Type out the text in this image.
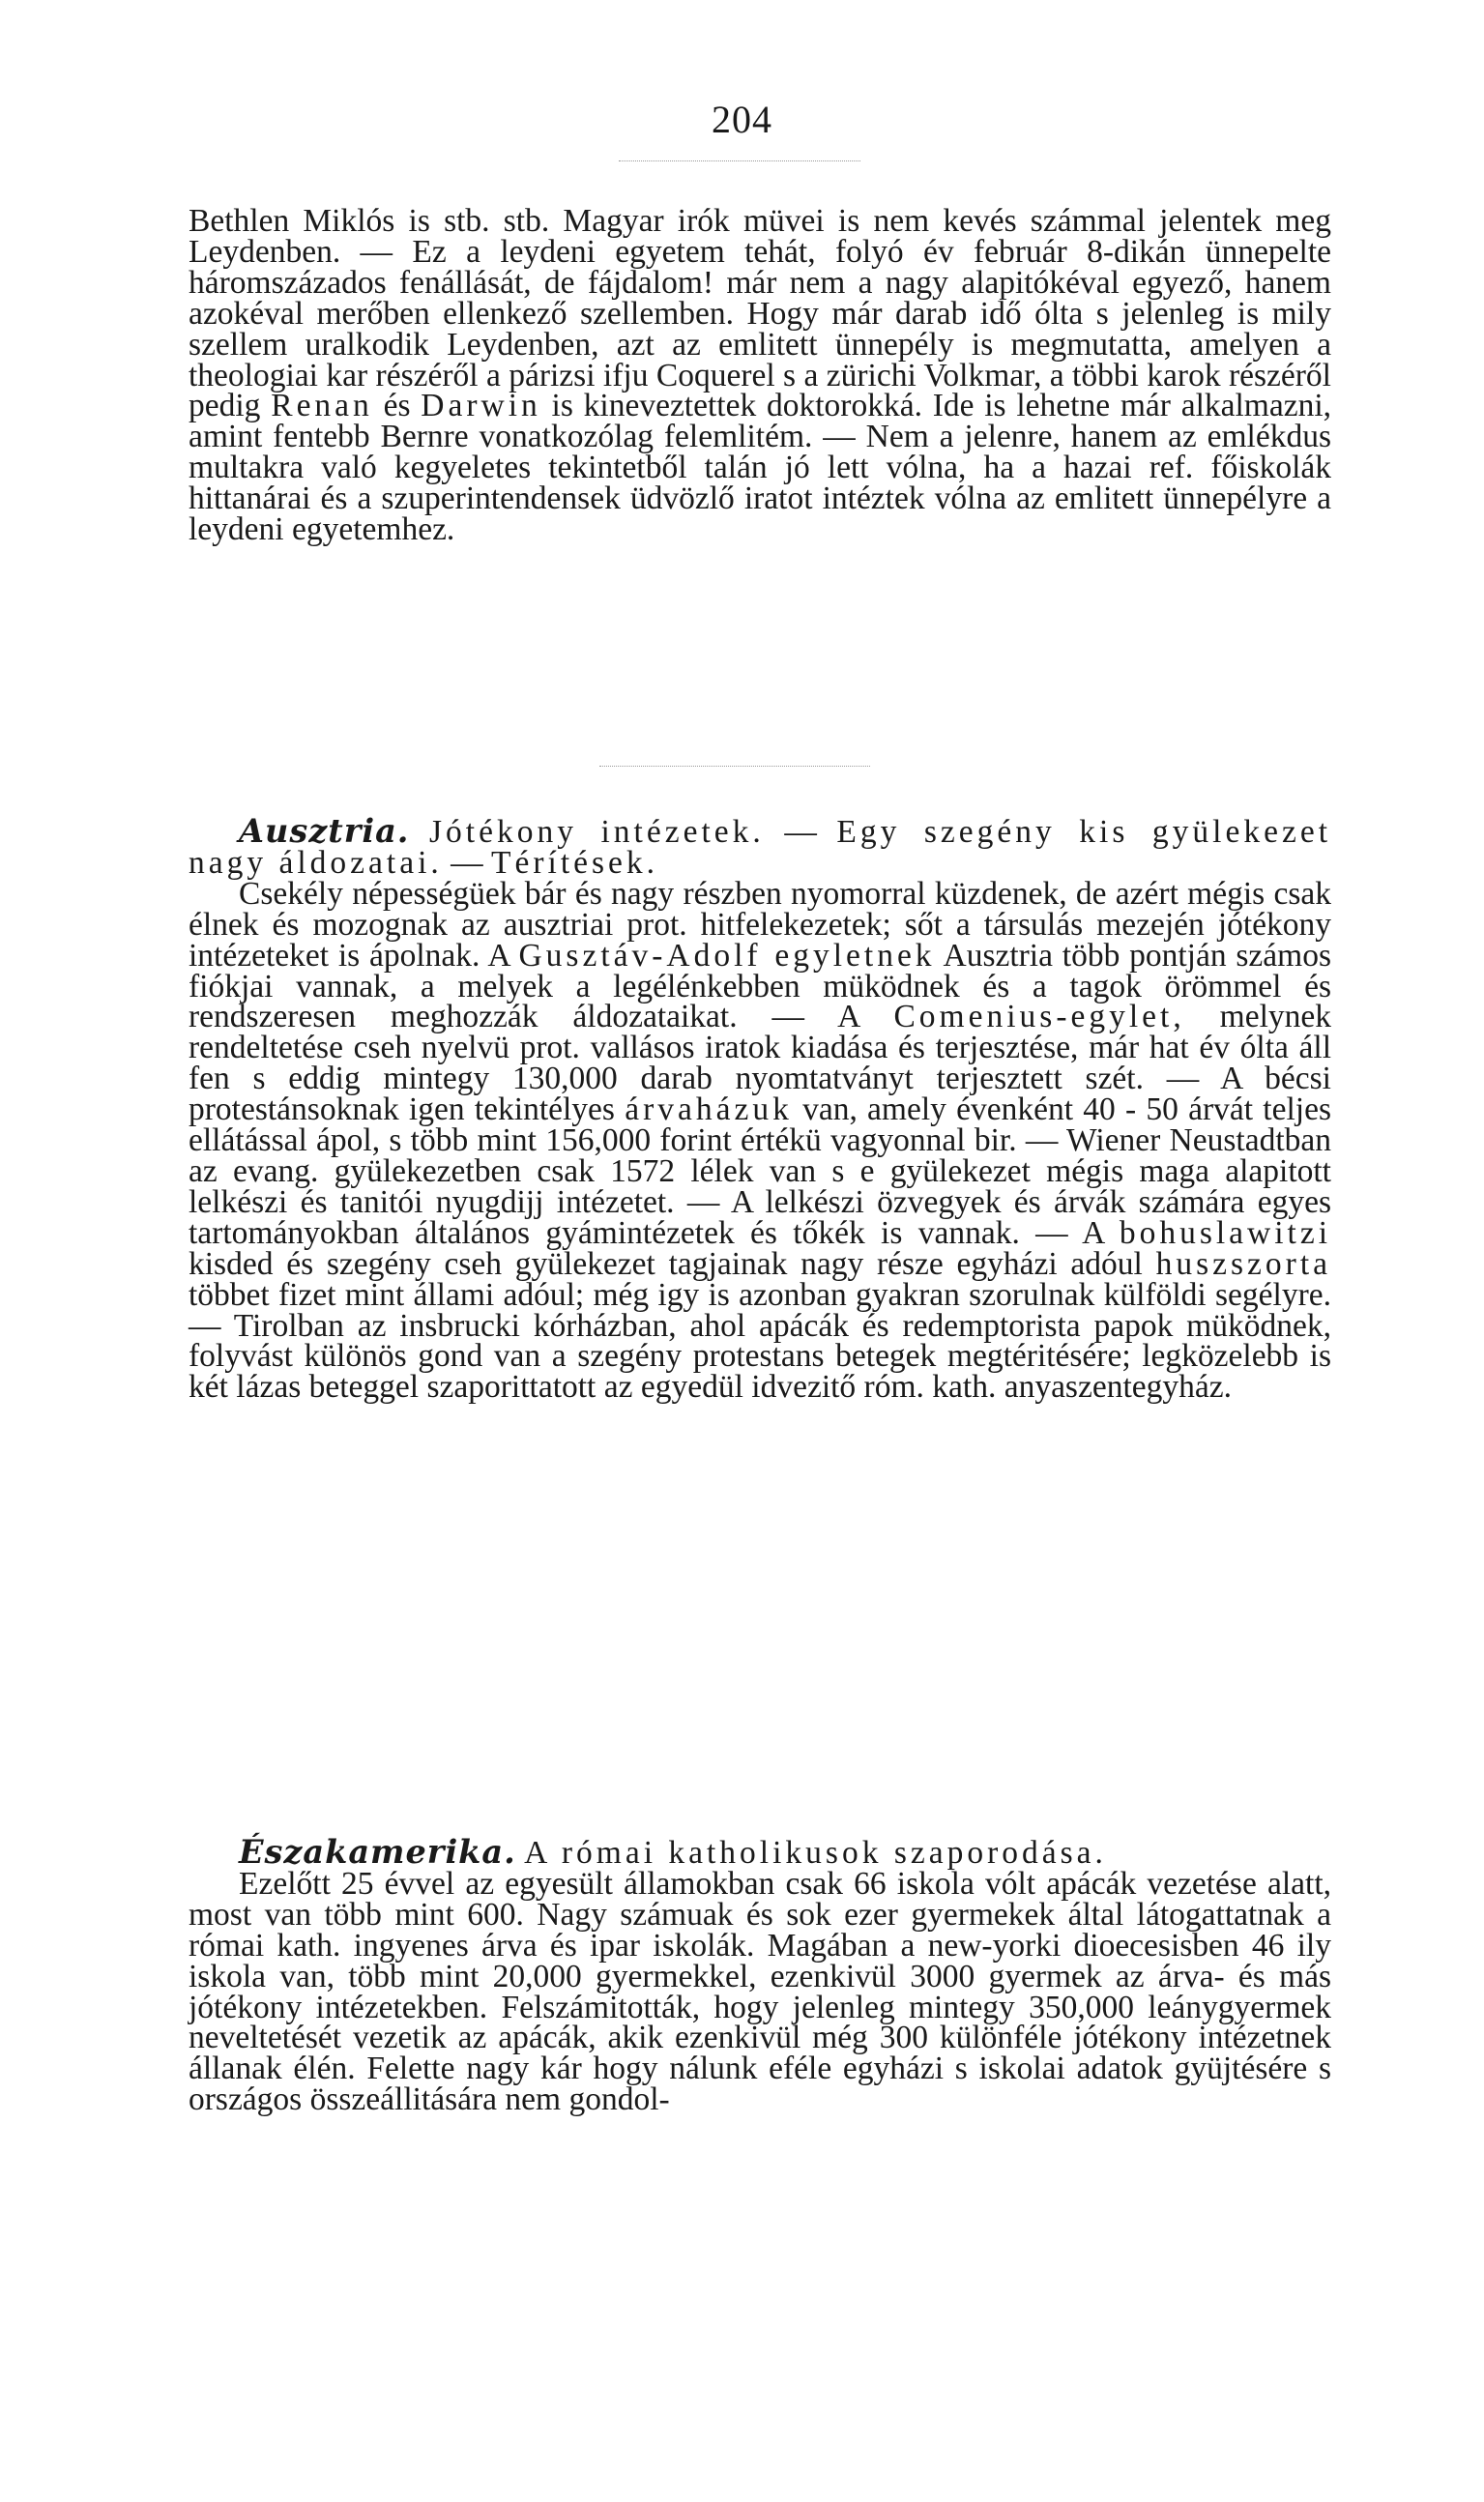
204

Bethlen Miklós is stb. stb. Magyar irók müvei is nem kevés számmal jelentek meg Leydenben. — Ez a leydeni egyetem tehát, folyó év február 8-dikán ünnepelte háromszázados fenállását, de fájdalom! már nem a nagy alapitókéval egyező, hanem azokéval merőben ellenkező szellemben. Hogy már darab idő ólta s jelenleg is mily szellem uralkodik Leydenben, azt az emlitett ünnepély is megmutatta, amelyen a theologiai kar részéről a párizsi ifju Coquerel s a zürichi Volkmar, a többi karok részéről pedig Renan és Darwin is kineveztettek doktorokká. Ide is lehetne már alkalmazni, amint fentebb Bernre vonatkozólag felemlitém. — Nem a jelenre, hanem az emlékdus multakra való kegyeletes tekintetből talán jó lett vólna, ha a hazai ref. főiskolák hittanárai és a szuperintendensek üdvözlő iratot intéztek vólna az emlitett ünnepélyre a leydeni egyetemhez.

Ausztria. Jótékony intézetek. — Egy szegény kis gyülekezet nagy áldozatai. — Térítések.

Csekély népességüek bár és nagy részben nyomorral küzdenek, de azért mégis csak élnek és mozognak az ausztriai prot. hitfelekezetek; sőt a társulás mezején jótékony intézeteket is ápolnak. A Gusztáv-Adolf egyletnek Ausztria több pontján számos fiókjai vannak, a melyek a legélénkebben müködnek és a tagok örömmel és rendszeresen meghozzák áldozataikat. — A Comenius-egylet, melynek rendeltetése cseh nyelvü prot. vallásos iratok kiadása és terjesztése, már hat év ólta áll fen s eddig mintegy 130,000 darab nyomtatványt terjesztett szét. — A bécsi protestánsoknak igen tekintélyes árvaházuk van, amely évenként 40 - 50 árvát teljes ellátással ápol, s több mint 156,000 forint értékü vagyonnal bir. — Wiener Neustadtban az evang. gyülekezetben csak 1572 lélek van s e gyülekezet mégis maga alapitott lelkészi és tanitói nyugdijj intézetet. — A lelkészi özvegyek és árvák számára egyes tartományokban általános gyámintézetek és tőkék is vannak. — A bohuslawitzi kisded és szegény cseh gyülekezet tagjainak nagy része egyházi adóul huszszorta többet fizet mint állami adóul; még igy is azonban gyakran szorulnak külföldi segélyre. — Tirolban az insbrucki kórházban, ahol apácák és redemptorista papok müködnek, folyvást különös gond van a szegény protestans betegek megtéritésére; legközelebb is két lázas beteggel szaporittatott az egyedül idvezitő róm. kath. anyaszentegyház.

Északamerika. A római katholikusok szaporodása.

Ezelőtt 25 évvel az egyesült államokban csak 66 iskola vólt apácák vezetése alatt, most van több mint 600. Nagy számuak és sok ezer gyermekek által látogattatnak a római kath. ingyenes árva és ipar iskolák. Magában a new-yorki dioecesisben 46 ily iskola van, több mint 20,000 gyermekkel, ezenkivül 3000 gyermek az árva- és más jótékony intézetekben. Felszámitották, hogy jelenleg mintegy 350,000 leánygyermek neveltetését vezetik az apácák, akik ezenkivül még 300 különféle jótékony intézetnek állanak élén. Felette nagy kár hogy nálunk eféle egyházi s iskolai adatok gyüjtésére s országos összeállitására nem gondol-
